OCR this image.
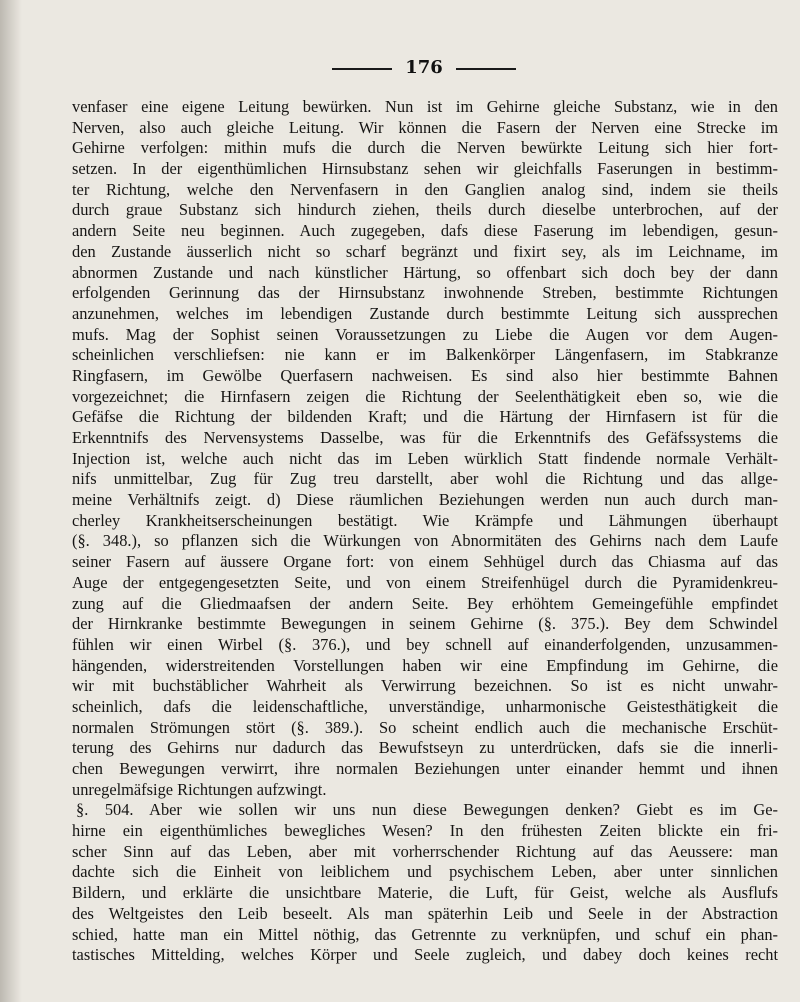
176
venfaser eine eigene Leitung bewürken. Nun ist im Gehirne gleiche Substanz, wie in den
Nerven, also auch gleiche Leitung. Wir können die Fasern der Nerven eine Strecke im
Gehirne verfolgen: mithin mufs die durch die Nerven bewürkte Leitung sich hier fort-
setzen. In der eigenthümlichen Hirnsubstanz sehen wir gleichfalls Faserungen in bestimm-
ter Richtung, welche den Nervenfasern in den Ganglien analog sind, indem sie theils
durch graue Substanz sich hindurch ziehen, theils durch dieselbe unterbrochen, auf der
andern Seite neu beginnen. Auch zugegeben, dafs diese Faserung im lebendigen, gesun-
den Zustande äusserlich nicht so scharf begränzt und fixirt sey, als im Leichname, im
abnormen Zustande und nach künstlicher Härtung, so offenbart sich doch bey der dann
erfolgenden Gerinnung das der Hirnsubstanz inwohnende Streben, bestimmte Richtungen
anzunehmen, welches im lebendigen Zustande durch bestimmte Leitung sich aussprechen
mufs. Mag der Sophist seinen Voraussetzungen zu Liebe die Augen vor dem Augen-
scheinlichen verschliefsen: nie kann er im Balkenkörper Längenfasern, im Stabkranze
Ringfasern, im Gewölbe Querfasern nachweisen. Es sind also hier bestimmte Bahnen
vorgezeichnet; die Hirnfasern zeigen die Richtung der Seelenthätigkeit eben so, wie die
Gefäfse die Richtung der bildenden Kraft; und die Härtung der Hirnfasern ist für die
Erkenntnifs des Nervensystems Dasselbe, was für die Erkenntnifs des Gefäfssystems die
Injection ist, welche auch nicht das im Leben würklich Statt findende normale Verhält-
nifs unmittelbar, Zug für Zug treu darstellt, aber wohl die Richtung und das allge-
meine Verhältnifs zeigt. d) Diese räumlichen Beziehungen werden nun auch durch man-
cherley Krankheitserscheinungen bestätigt. Wie Krämpfe und Lähmungen überhaupt
(§. 348.), so pflanzen sich die Würkungen von Abnormitäten des Gehirns nach dem Laufe
seiner Fasern auf äussere Organe fort: von einem Sehhügel durch das Chiasma auf das
Auge der entgegengesetzten Seite, und von einem Streifenhügel durch die Pyramidenkreu-
zung auf die Gliedmaafsen der andern Seite. Bey erhöhtem Gemeingefühle empfindet
der Hirnkranke bestimmte Bewegungen in seinem Gehirne (§. 375.). Bey dem Schwindel
fühlen wir einen Wirbel (§. 376.), und bey schnell auf einanderfolgenden, unzusammen-
hängenden, widerstreitenden Vorstellungen haben wir eine Empfindung im Gehirne, die
wir mit buchstäblicher Wahrheit als Verwirrung bezeichnen. So ist es nicht unwahr-
scheinlich, dafs die leidenschaftliche, unverständige, unharmonische Geistesthätigkeit die
normalen Strömungen stört (§. 389.). So scheint endlich auch die mechanische Erschüt-
terung des Gehirns nur dadurch das Bewufstseyn zu unterdrücken, dafs sie die innerli-
chen Bewegungen verwirrt, ihre normalen Beziehungen unter einander hemmt und ihnen
unregelmäfsige Richtungen aufzwingt.
§. 504. Aber wie sollen wir uns nun diese Bewegungen denken? Giebt es im Ge-
hirne ein eigenthümliches bewegliches Wesen? In den frühesten Zeiten blickte ein fri-
scher Sinn auf das Leben, aber mit vorherrschender Richtung auf das Aeussere: man
dachte sich die Einheit von leiblichem und psychischem Leben, aber unter sinnlichen
Bildern, und erklärte die unsichtbare Materie, die Luft, für Geist, welche als Ausflufs
des Weltgeistes den Leib beseelt. Als man späterhin Leib und Seele in der Abstraction
schied, hatte man ein Mittel nöthig, das Getrennte zu verknüpfen, und schuf ein phan-
tastisches Mittelding, welches Körper und Seele zugleich, und dabey doch keines recht
